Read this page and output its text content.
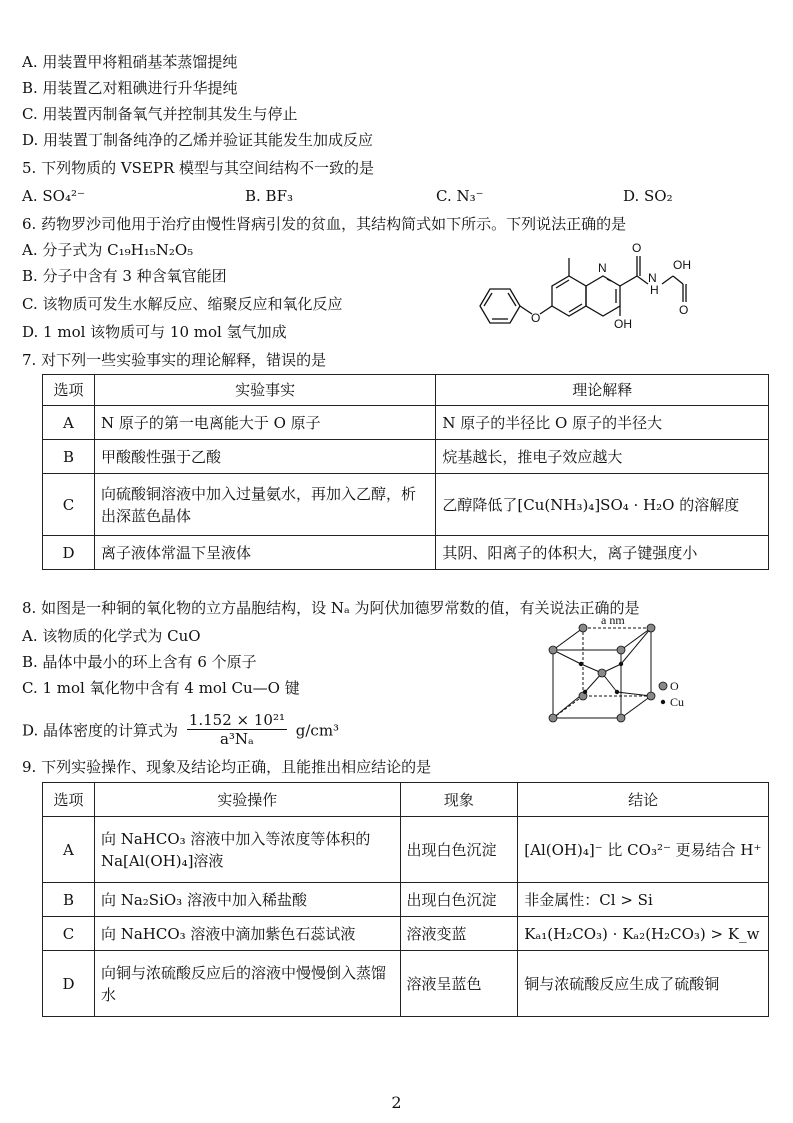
A. 用装置甲将粗硝基苯蒸馏提纯
B. 用装置乙对粗碘进行升华提纯
C. 用装置丙制备氧气并控制其发生与停止
D. 用装置丁制备纯净的乙烯并验证其能发生加成反应
5. 下列物质的 VSEPR 模型与其空间结构不一致的是
A. SO₄²⁻	B. BF₃	C. N₃⁻	D. SO₂
6. 药物罗沙司他用于治疗由慢性肾病引发的贫血，其结构简式如下所示。下列说法正确的是
A. 分子式为 C₁₉H₁₅N₂O₅
B. 分子中含有 3 种含氧官能团
C. 该物质可发生水解反应、缩聚反应和氧化反应
D. 1 mol 该物质可与 10 mol 氢气加成
N
O
N
H
OH
O
OH
O
7. 对下列一些实验事实的理论解释，错误的是
选项	实验事实	理论解释
A	N 原子的第一电离能大于 O 原子	N 原子的半径比 O 原子的半径大
B	甲酸酸性强于乙酸	烷基越长，推电子效应越大
C	向硫酸铜溶液中加入过量氨水，再加入乙醇，析出深蓝色晶体	乙醇降低了[Cu(NH₃)₄]SO₄ · H₂O 的溶解度
D	离子液体常温下呈液体	其阴、阳离子的体积大，离子键强度小
8. 如图是一种铜的氧化物的立方晶胞结构，设 Nₐ 为阿伏加德罗常数的值，有关说法正确的是
A. 该物质的化学式为 CuO
B. 晶体中最小的环上含有 6 个原子
C. 1 mol 氧化物中含有 4 mol Cu—O 键
D. 晶体密度的计算式为 $\frac{\text{1.152 × 10²¹}}{\text{a³Nₐ}} g/cm^3$
a nm
O
Cu
9. 下列实验操作、现象及结论均正确，且能推出相应结论的是
选项	实验操作	现象	结论
A	向 NaHCO₃ 溶液中加入等浓度等体积的 Na[Al(OH)₄]溶液	出现白色沉淀	[Al(OH)₄]⁻ 比 CO₃²⁻ 更易结合 H⁺
B	向 Na₂SiO₃ 溶液中加入稀盐酸	出现白色沉淀	非金属性：Cl > Si
C	向 NaHCO₃ 溶液中滴加紫色石蕊试液	溶液变蓝	Kₐ₁(H₂CO₃) · Kₐ₂(H₂CO₃) > K_w
D	向铜与浓硫酸反应后的溶液中慢慢倒入蒸馏水	溶液呈蓝色	铜与浓硫酸反应生成了硫酸铜
2
